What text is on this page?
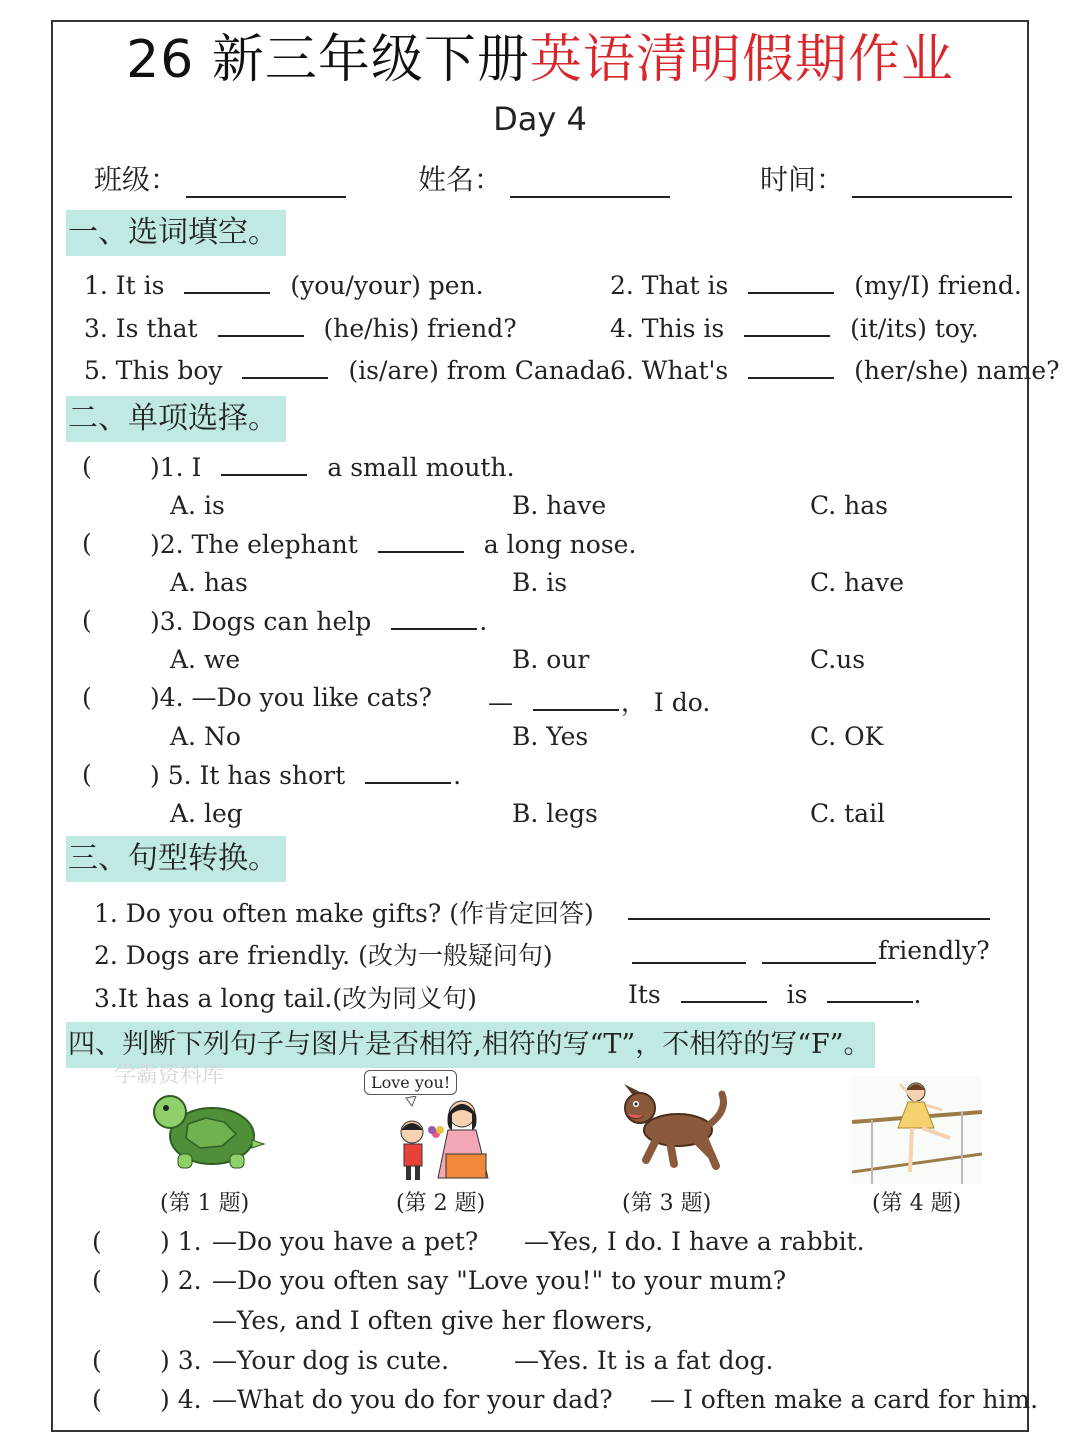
26 新三年级下册英语清明假期作业
Day 4
班级：	姓名：	时间：
一、选词填空。
1. It is	(you/your) pen.	2. That is	(my/I) friend.
3. Is that	(he/his) friend?	4. This is	(it/its) toy.
5. This boy	(is/are) from Canada.
6. What's	(her/she) name?
二、单项选择。
( )1. I	a small mouth.
A. is	B. have	C. has
( )2. The elephant	a long nose.
A. has	B. is	C. have
( )3. Dogs can help	.
A. we	B. our	C.us
( )4. —Do you like cats? —	， I do.
A. No	B. Yes	C. OK
( ) 5. It has short	.
A. leg	B. legs	C. tail
三、句型转换。
1. Do you often make gifts? (作肯定回答)
2. Dogs are friendly. (改为一般疑问句)	friendly?
3.It has a long tail.(改为同义句)	Its	is	.
四、判断下列句子与图片是否相符,相符的写“T”，不相符的写“F”。
学霸资料库	Love you!
(第 1 题)	(第 2 题)	(第 3 题)	(第 4 题)
( ) 1. —Do you have a pet? —Yes, I do. I have a rabbit.
( ) 2. —Do you often say "Love you!" to your mum?
—Yes, and I often give her flowers,
( ) 3. —Your dog is cute.	—Yes. It is a fat dog.
( ) 4. —What do you do for your dad? — I often make a card for him.
